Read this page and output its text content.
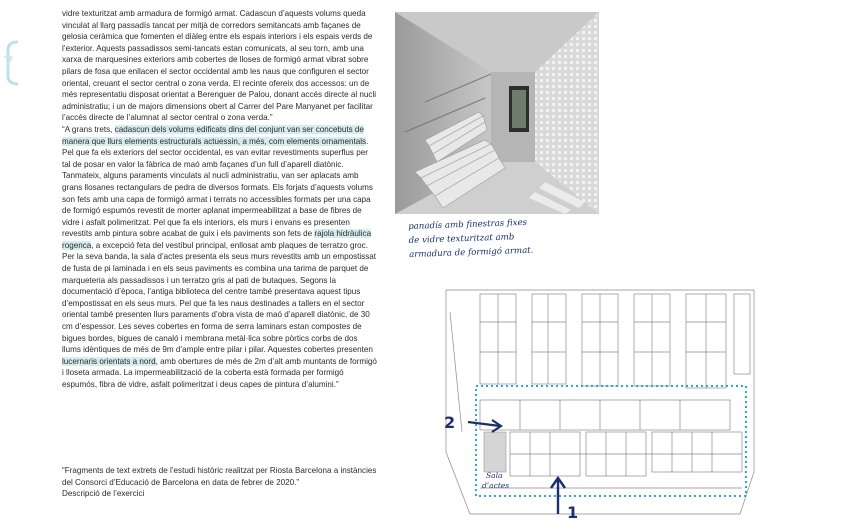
?

vidre texturitzat amb armadura de formigó armat. Cadascun d’aquests volums queda vinculat al llarg passadís tancat per mitjà de corredors semitancats amb façanes de gelosia ceràmica que fomenten el diàleg entre els espais interiors i els espais verds de l’exterior. Aquests passadissos semi-tancats estan comunicats, al seu torn, amb una xarxa de marquesines exteriors amb cobertes de lloses de formigó armat vibrat sobre pilars de fosa que enllacen el sector occidental amb les naus que configuren el sector oriental, creuant el sector central o zona verda. El recinte ofereix dos accessos: un de més representatiu disposat orientat a Berenguer de Palou, donant accés directe al nucli administratiu; i un de majors dimensions obert al Carrer del Pare Manyanet per facilitar l’accés directe de l’alumnat al sector central o zona verda.”

“A grans trets, cadascun dels volums edificats dins del conjunt van ser concebuts de manera que llurs elements estructurals actuessin, a més, com elements ornamentals. Pel que fa els exteriors del sector occidental, es van evitar revestiments superflus per tal de posar en valor la fàbrica de maó amb façanes d’un full d’aparell diatònic. Tanmateix, alguns paraments vinculats al nucli administratiu, van ser aplacats amb grans llosanes rectangulars de pedra de diversos formats. Els forjats d’aquests volums son fets amb una capa de formigó armat i terrats no accessibles formats per una capa de formigó espumós revestit de morter aplanat impermeabilitzat a base de fibres de vidre i asfalt polimeritzat. Pel que fa els interiors, els murs i envans es presenten revestits amb pintura sobre acabat de guix i els paviments son fets de rajola hidràulica rogenca, a excepció feta del vestíbul principal, enllosat amb plaques de terratzo groc. Per la seva banda, la sala d’actes presenta els seus murs revestits amb un empostissat de fusta de pi laminada i en els seus paviments es combina una tarima de parquet de marqueteria als passadissos i un terratzo gris al pati de butaques. Segons la documentació d’època, l’antiga biblioteca del centre també presentava aquest tipus d’empostissat en els seus murs. Pel que fa les naus destinades a tallers en el sector oriental també presenten llurs paraments d’obra vista de maó d’aparell diatònic, de 30 cm d’espessor. Les seves cobertes en forma de serra laminars estan compostes de bigues bordes, bigues de canaló i membrana metàl·lica sobre pòrtics corbs de dos llums idèntiques de més de 9m d’ample entre pilar i pilar. Aquestes cobertes presenten lucernaris orientats a nord, amb obertures de més de 2m d’alt amb muntants de formigó i lloseta armada. La impermeabilització de la coberta està formada per formigó espumós, fibra de vidre, asfalt polimeritzat i deus capes de pintura d’alumini.”

“Fragments de text extrets de l’estudi històric realitzat per Riosta Barcelona a instàncies del Consorci d’Educació de Barcelona en data de febrer de 2020.”
Descripció de l’exercici
panadís amb finestras fixes
de vidre texturitzat amb
armadura de formigó armat.
2
1
Sala
d’actes
